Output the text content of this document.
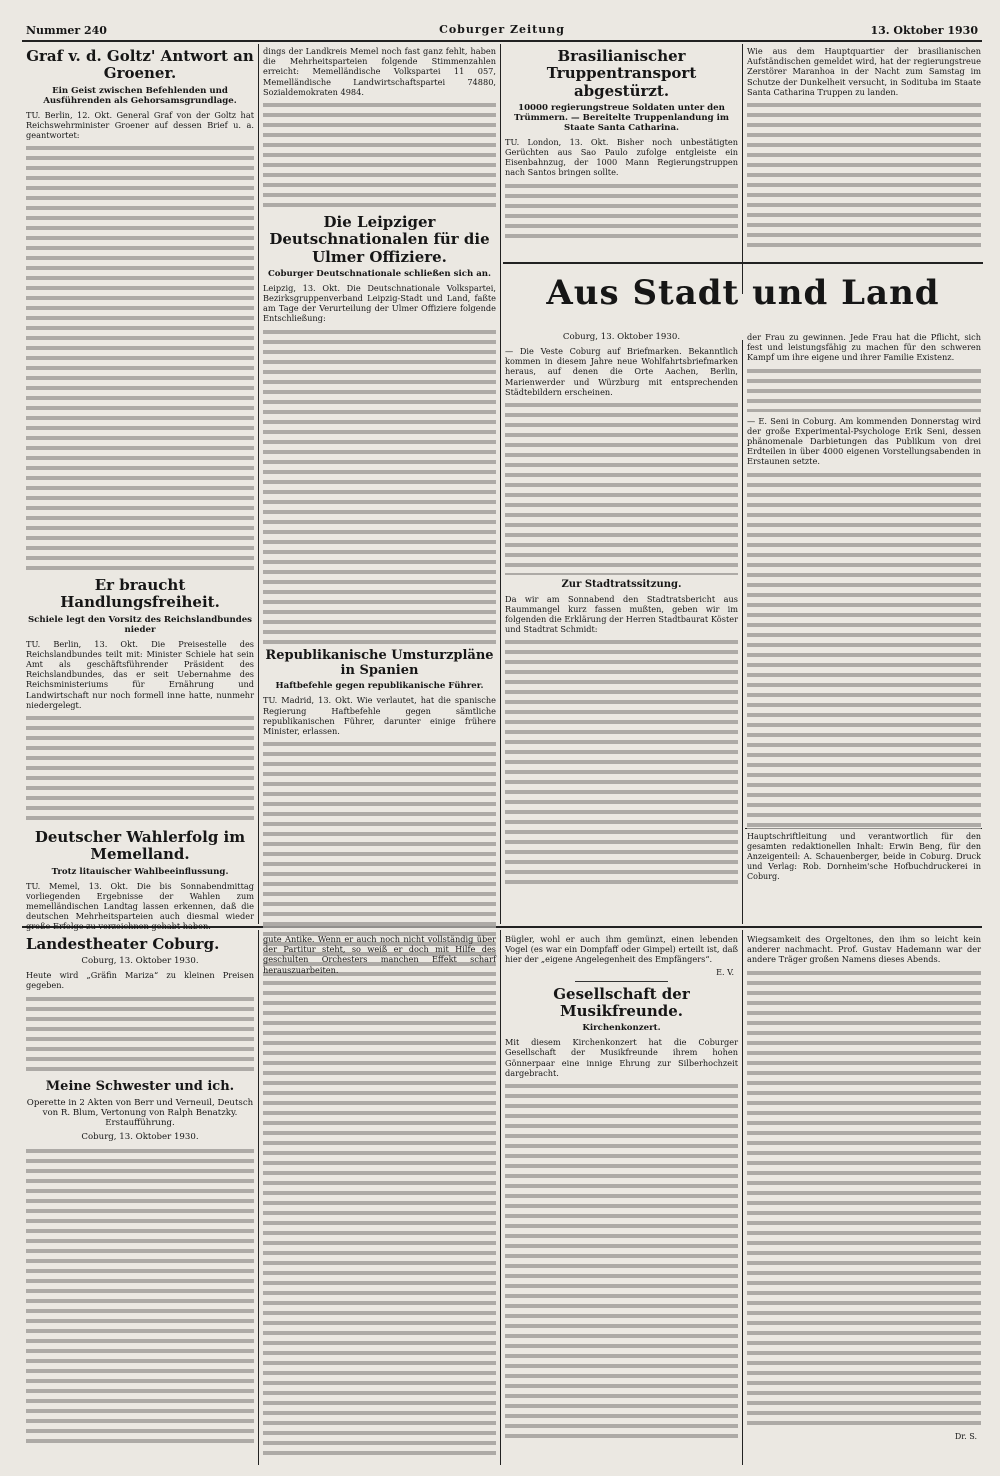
Nummer 240	Coburger Zeitung	13. Oktober 1930
Graf v. d. Goltz' Antwort an Groener.
Ein Geist zwischen Befehlenden und Ausführenden als Gehorsamsgrundlage.

TU. Berlin, 12. Okt. General Graf von der Goltz hat Reichswehrminister Groener auf dessen Brief u. a. geantwortet:

Er braucht Handlungsfreiheit.
Schiele legt den Vorsitz des Reichslandbundes nieder

TU. Berlin, 13. Okt. Die Preisestelle des Reichslandbundes teilt mit: Minister Schiele hat sein Amt als geschäftsführender Präsident des Reichslandbundes, das er seit Uebernahme des Reichsministeriums für Ernährung und Landwirtschaft nur noch formell inne hatte, nunmehr niedergelegt.

Deutscher Wahlerfolg im Memelland.
Trotz litauischer Wahlbeeinflussung.

TU. Memel, 13. Okt. Die bis Sonnabendmittag vorliegenden Ergebnisse der Wahlen zum memelländischen Landtag lassen erkennen, daß die deutschen Mehrheitsparteien auch diesmal wieder große Erfolge zu verzeichnen gehabt haben.

dings der Landkreis Memel noch fast ganz fehlt, haben die Mehrheitsparteien folgende Stimmenzahlen erreicht: Memelländische Volkspartei 11 057, Memelländische Landwirtschaftspartei 74880, Sozialdemokraten 4984.

Die Leipziger Deutschnationalen für die Ulmer Offiziere.
Coburger Deutschnationale schließen sich an.

Leipzig, 13. Okt. Die Deutschnationale Volkspartei, Bezirksgruppenverband Leipzig-Stadt und Land, faßte am Tage der Verurteilung der Ulmer Offiziere folgende Entschließung:

Republikanische Umsturzpläne in Spanien
Haftbefehle gegen republikanische Führer.

TU. Madrid, 13. Okt. Wie verlautet, hat die spanische Regierung Haftbefehle gegen sämtliche republikanischen Führer, darunter einige frühere Minister, erlassen.

Brasilianischer Truppentransport abgestürzt.
10000 regierungstreue Soldaten unter den Trümmern. — Bereitelte Truppenlandung im Staate Santa Catharina.

TU. London, 13. Okt. Bisher noch unbestätigten Gerüchten aus Sao Paulo zufolge entgleiste ein Eisenbahnzug, der 1000 Mann Regierungstruppen nach Santos bringen sollte.

Wie aus dem Hauptquartier der brasilianischen Aufständischen gemeldet wird, hat der regierungstreue Zerstörer Maranhoa in der Nacht zum Samstag im Schutze der Dunkelheit versucht, in Sodituba im Staate Santa Catharina Truppen zu landen.

Aus Stadt und Land
Coburg, 13. Oktober 1930.

— Die Veste Coburg auf Briefmarken. Bekanntlich kommen in diesem Jahre neue Wohlfahrtsbriefmarken heraus, auf denen die Orte Aachen, Berlin, Marienwerder und Würzburg mit entsprechenden Städtebildern erscheinen.

Zur Stadtratssitzung.

Da wir am Sonnabend den Stadtratsbericht aus Raummangel kurz fassen mußten, geben wir im folgenden die Erklärung der Herren Stadtbaurat Köster und Stadtrat Schmidt:

der Frau zu gewinnen. Jede Frau hat die Pflicht, sich fest und leistungsfähig zu machen für den schweren Kampf um ihre eigene und ihrer Familie Existenz.

— E. Seni in Coburg. Am kommenden Donnerstag wird der große Experimental-Psychologe Erik Seni, dessen phänomenale Darbietungen das Publikum von drei Erdteilen in über 4000 eigenen Vorstellungsabenden in Erstaunen setzte.

Hauptschriftleitung und verantwortlich für den gesamten redaktionellen Inhalt: Erwin Beng, für den Anzeigenteil: A. Schauenberger, beide in Coburg. Druck und Verlag: Rob. Dornheim'sche Hofbuchdruckerei in Coburg.

Landestheater Coburg.
Coburg, 13. Oktober 1930.

Heute wird „Gräfin Mariza“ zu kleinen Preisen gegeben.

Meine Schwester und ich.
Operette in 2 Akten von Berr und Verneuil, Deutsch von R. Blum, Vertonung von Ralph Benatzky. Erstaufführung.
Coburg, 13. Oktober 1930.

gute Antike. Wenn er auch noch nicht vollständig über der Partitur steht, so weiß er doch mit Hilfe des geschulten Orchesters manchen Effekt scharf herauszuarbeiten.

Bügler, wohl er auch ihm gemünzt, einen lebenden Vogel (es war ein Dompfaff oder Gimpel) erteilt ist, daß hier der „eigene Angelegenheit des Empfängers“.

E. V.
Gesellschaft der Musikfreunde.
Kirchenkonzert.

Mit diesem Kirchenkonzert hat die Coburger Gesellschaft der Musikfreunde ihrem hohen Gönnerpaar eine innige Ehrung zur Silberhochzeit dargebracht.

Wiegsamkeit des Orgeltones, den ihm so leicht kein anderer nachmacht. Prof. Gustav Hademann war der andere Träger großen Namens dieses Abends.

Dr. S.
